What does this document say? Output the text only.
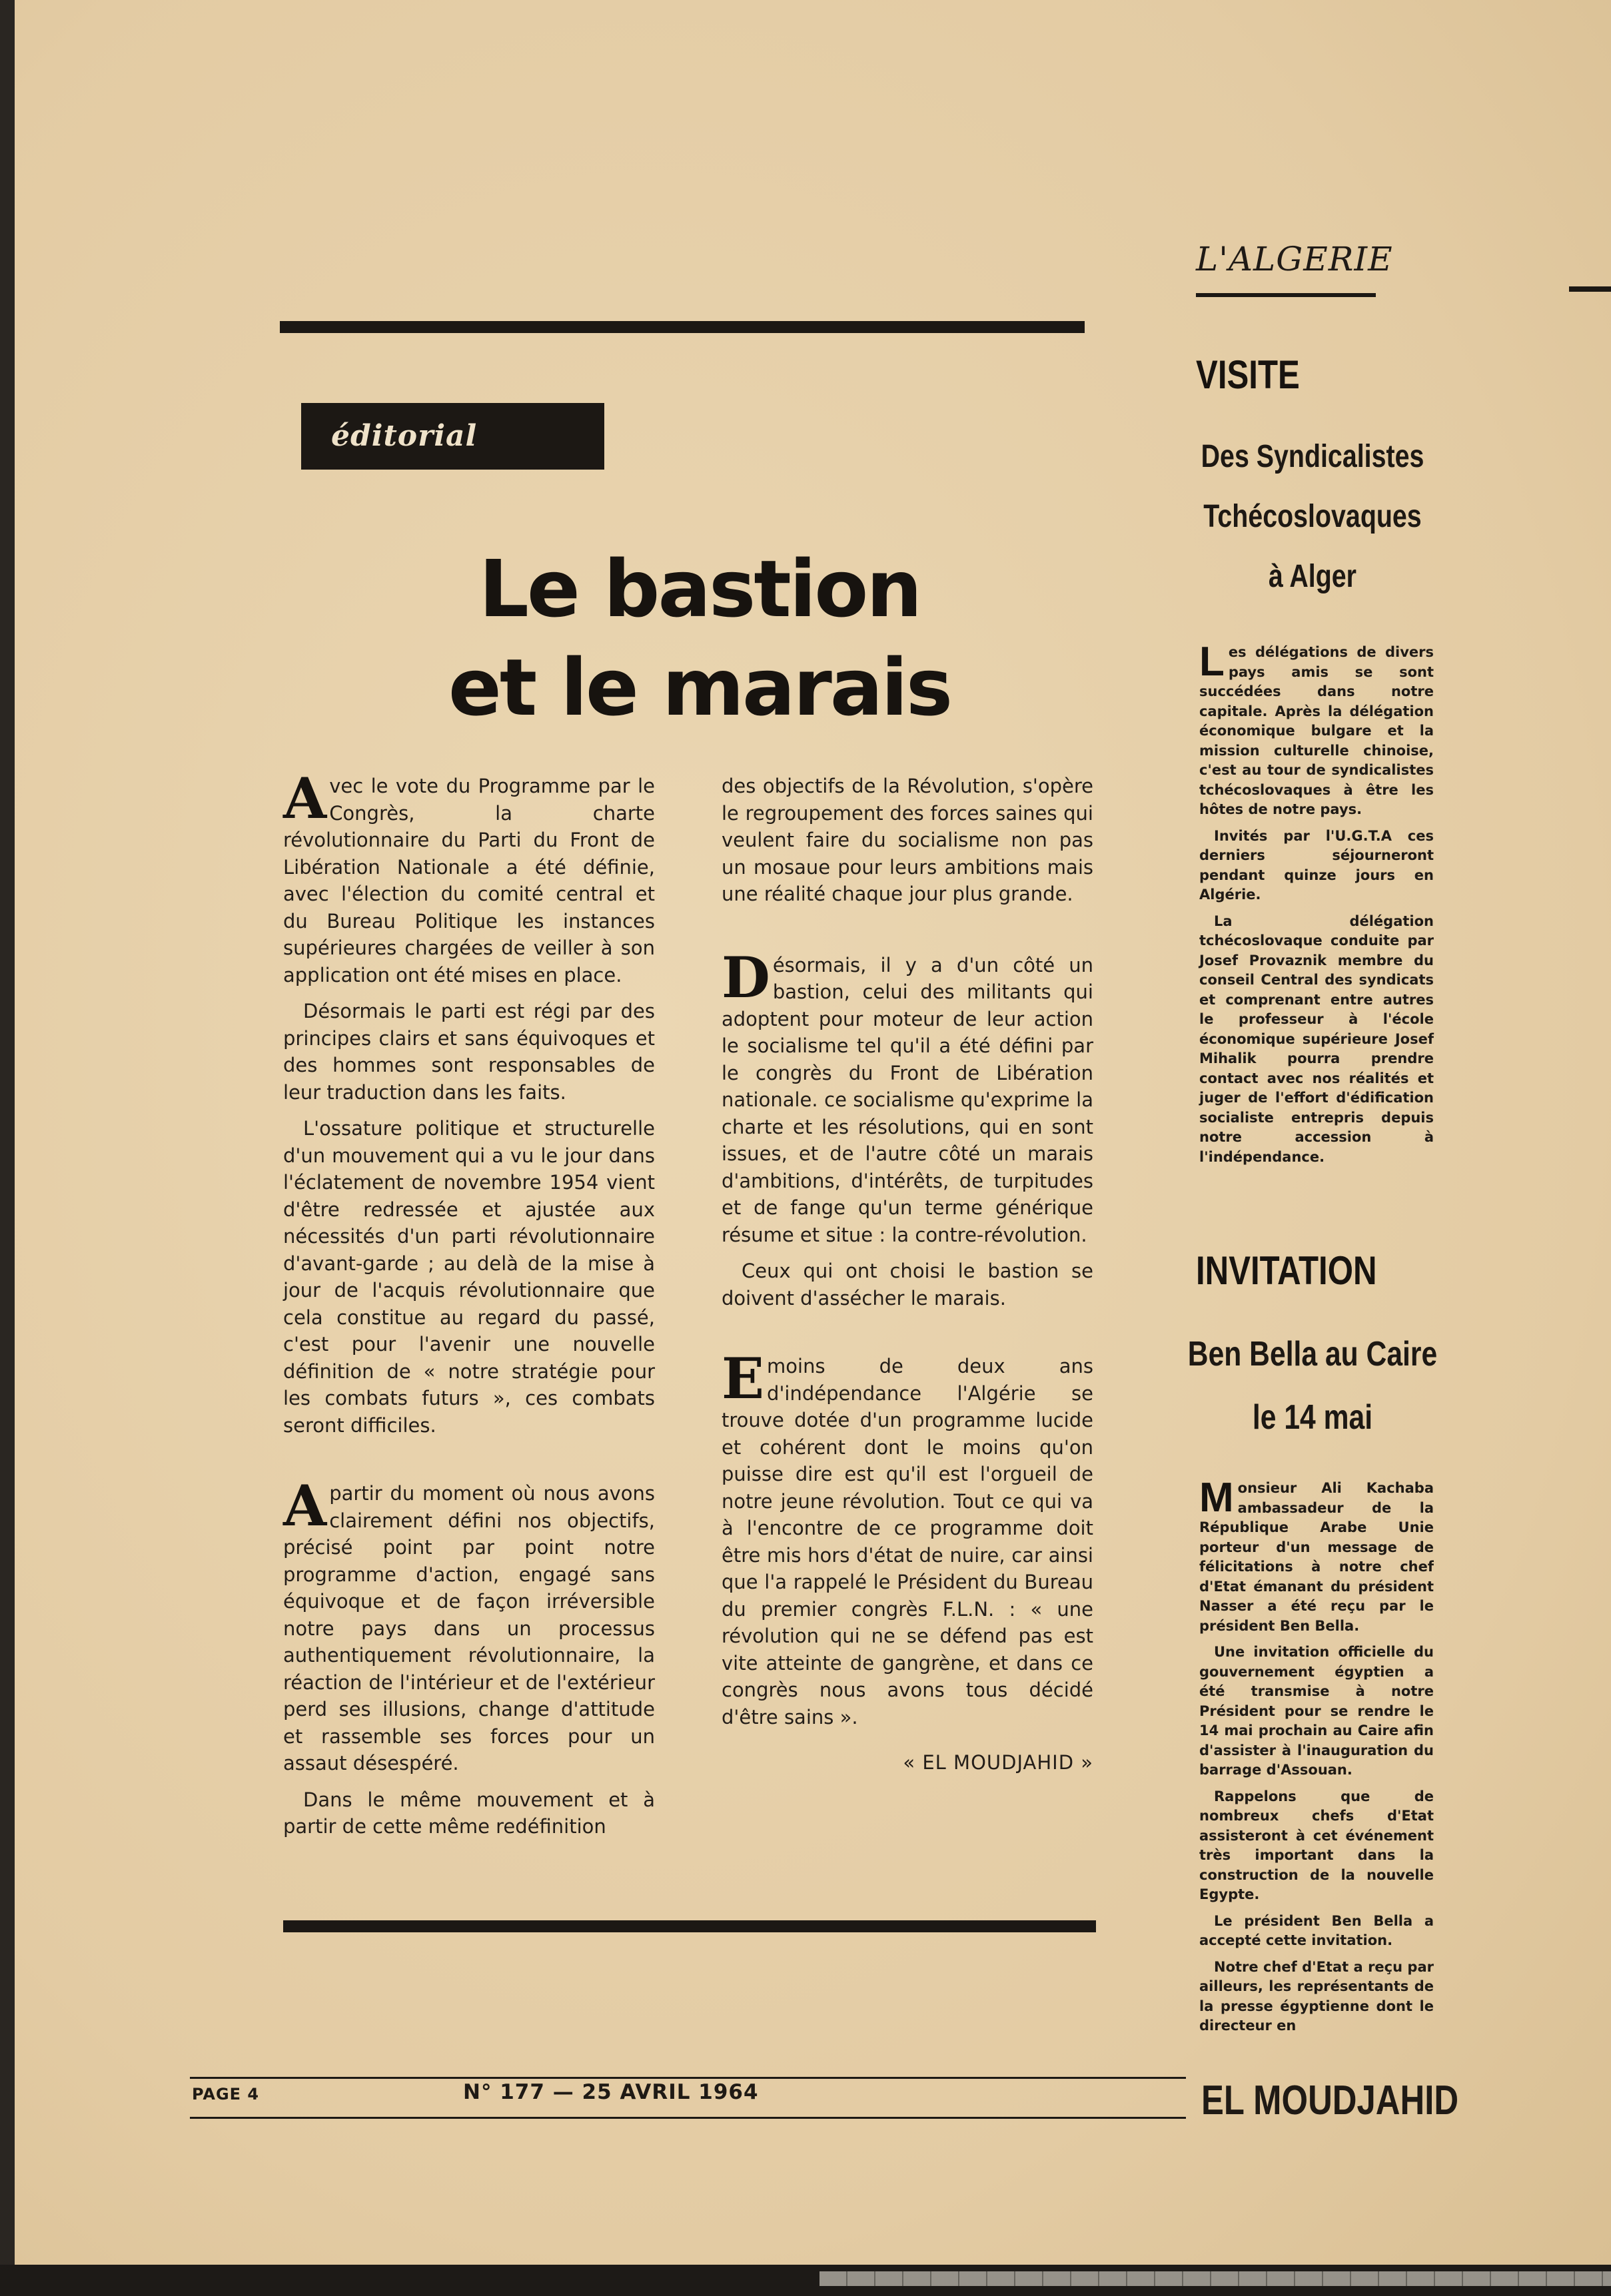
L'ALGERIE
éditorial
Le bastion
et le marais

Avec le vote du Programme par le Congrès, la charte révolutionnaire du Parti du Front de Libération Nationale a été définie, avec l'élection du comité central et du Bureau Politique les instances supérieures chargées de veiller à son application ont été mises en place.

Désormais le parti est régi par des principes clairs et sans équivoques et des hommes sont responsables de leur traduction dans les faits.

L'ossature politique et structurelle d'un mouvement qui a vu le jour dans l'éclatement de novembre 1954 vient d'être redressée et ajustée aux nécessités d'un parti révolutionnaire d'avant-garde ; au delà de la mise à jour de l'acquis révolutionnaire que cela constitue au regard du passé, c'est pour l'avenir une nouvelle définition de « notre stratégie pour les combats futurs », ces combats seront difficiles.

Apartir du moment où nous avons clairement défini nos objectifs, précisé point par point notre programme d'action, engagé sans équivoque et de façon irréversible notre pays dans un processus authentiquement révolutionnaire, la réaction de l'intérieur et de l'extérieur perd ses illusions, change d'attitude et rassemble ses forces pour un assaut désespéré.

Dans le même mouvement et à partir de cette même redéfinition

des objectifs de la Révolution, s'opère le regroupement des forces saines qui veulent faire du socialisme non pas un mosaue pour leurs ambitions mais une réalité chaque jour plus grande.

Désormais, il y a d'un côté un bastion, celui des militants qui adoptent pour moteur de leur action le socialisme tel qu'il a été défini par le congrès du Front de Libération nationale. ce socialisme qu'exprime la charte et les résolutions, qui en sont issues, et de l'autre côté un marais d'ambitions, d'intérêts, de turpitudes et de fange qu'un terme générique résume et situe : la contre-révolution.

Ceux qui ont choisi le bastion se doivent d'assécher le marais.

Emoins de deux ans d'indépendance l'Algérie se trouve dotée d'un programme lucide et cohérent dont le moins qu'on puisse dire est qu'il est l'orgueil de notre jeune révolution. Tout ce qui va à l'encontre de ce programme doit être mis hors d'état de nuire, car ainsi que l'a rappelé le Président du Bureau du premier congrès F.L.N. : « une révolution qui ne se défend pas est vite atteinte de gangrène, et dans ce congrès nous avons tous décidé d'être sains ».

« EL MOUDJAHID »
VISITE
Des Syndicalistes
Tchécoslovaques
à Alger

Les délégations de divers pays amis se sont succédées dans notre capitale. Après la délégation économique bulgare et la mission culturelle chinoise, c'est au tour de syndicalistes tchécoslovaques à être les hôtes de notre pays.

Invités par l'U.G.T.A ces derniers séjourneront pendant quinze jours en Algérie.

La délégation tchécoslovaque conduite par Josef Provaznik membre du conseil Central des syndicats et comprenant entre autres le professeur à l'école économique supérieure Josef Mihalik pourra prendre contact avec nos réalités et juger de l'effort d'édification socialiste entrepris depuis notre accession à l'indépendance.

INVITATION
Ben Bella au Caire
le 14 mai

Monsieur Ali Kachaba ambassadeur de la République Arabe Unie porteur d'un message de félicitations à notre chef d'Etat émanant du président Nasser a été reçu par le président Ben Bella.

Une invitation officielle du gouvernement égyptien a été transmise à notre Président pour se rendre le 14 mai prochain au Caire afin d'assister à l'inauguration du barrage d'Assouan.

Rappelons que de nombreux chefs d'Etat assisteront à cet événement très important dans la construction de la nouvelle Egypte.

Le président Ben Bella a accepté cette invitation.

Notre chef d'Etat a reçu par ailleurs, les représentants de la presse égyptienne dont le directeur en

PAGE 4	N° 177 — 25 AVRIL 1964	EL MOUDJAHID
